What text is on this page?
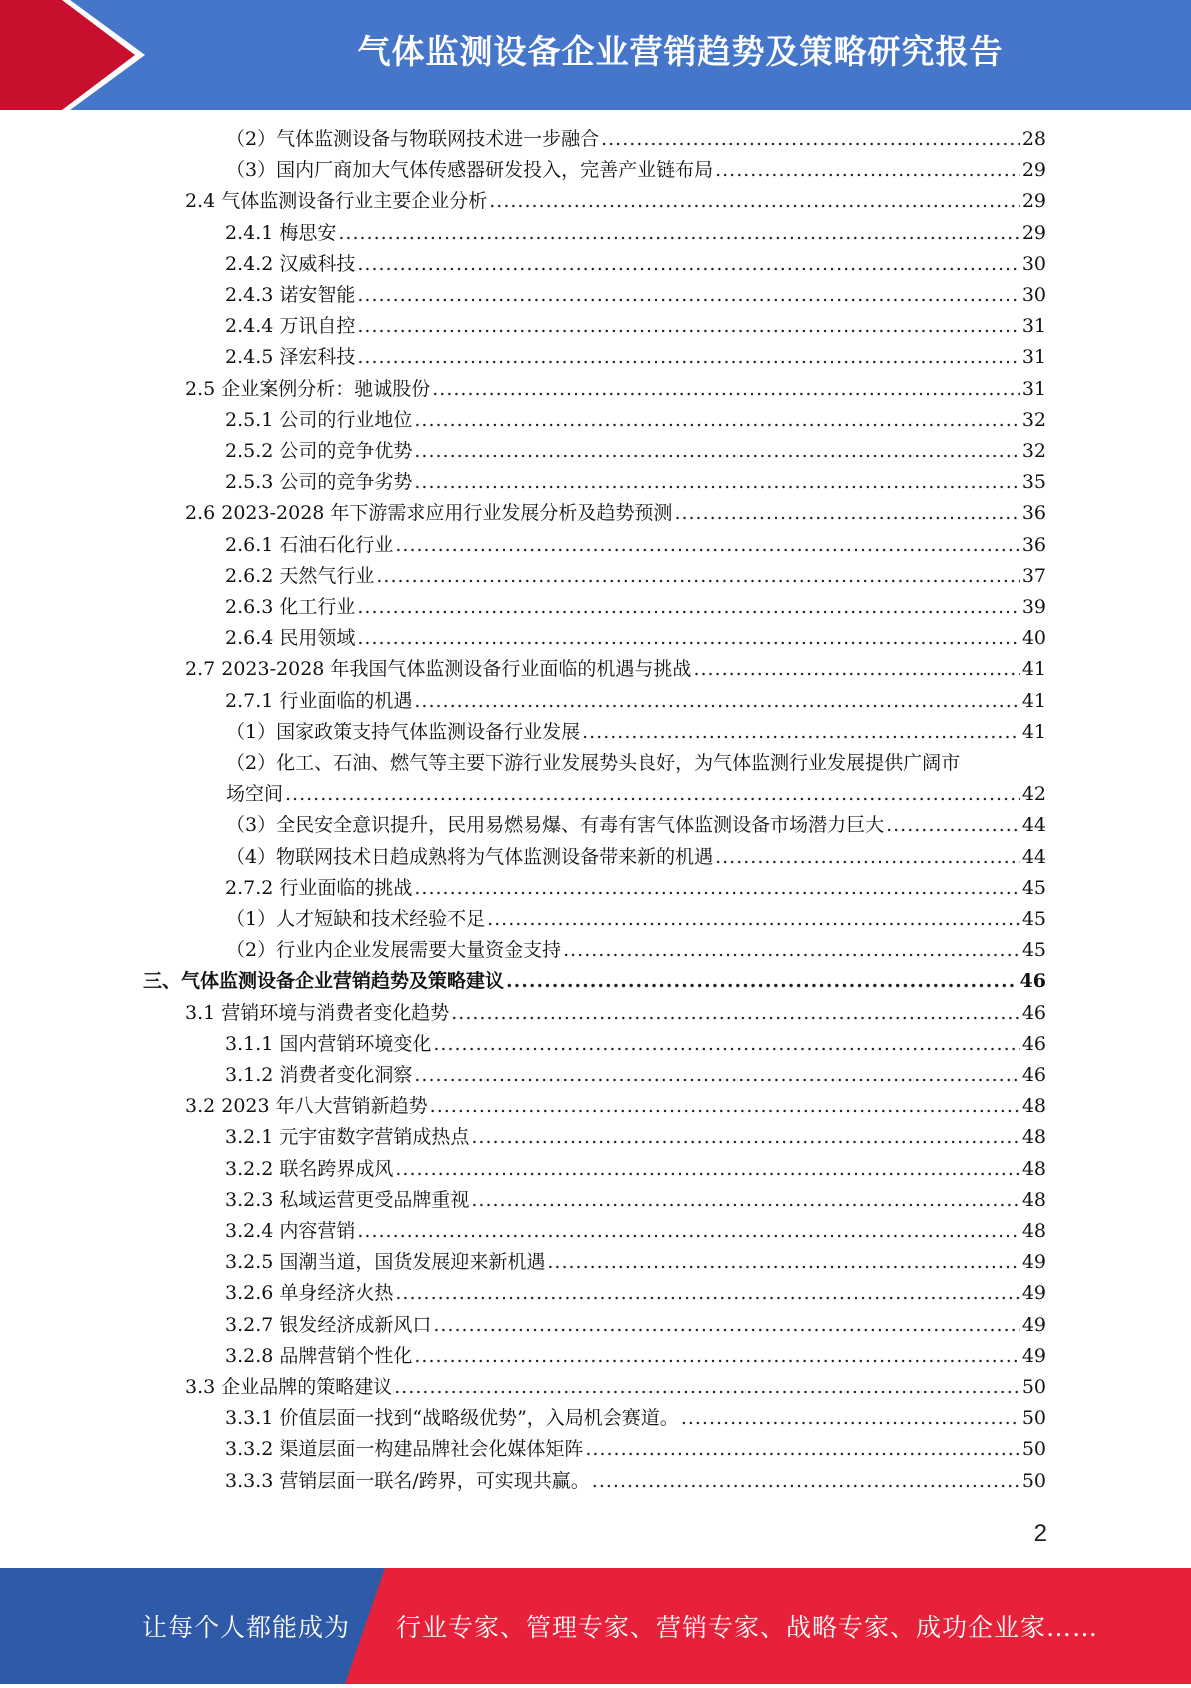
气体监测设备企业营销趋势及策略研究报告
（2）气体监测设备与物联网技术进一步融合 .....	28
（3）国内厂商加大气体传感器研发投入，完善产业链布局 .....	29
2.4 气体监测设备行业主要企业分析 .....	29
2.4.1 梅思安 .....	29
2.4.2 汉威科技 .....	30
2.4.3 诺安智能 .....	30
2.4.4 万讯自控 .....	31
2.4.5 泽宏科技 .....	31
2.5 企业案例分析：驰诚股份 .....	31
2.5.1 公司的行业地位 .....	32
2.5.2 公司的竞争优势 .....	32
2.5.3 公司的竞争劣势 .....	35
2.6 2023-2028 年下游需求应用行业发展分析及趋势预测 .....	36
2.6.1 石油石化行业 .....	36
2.6.2 天然气行业 .....	37
2.6.3 化工行业 .....	39
2.6.4 民用领域 .....	40
2.7 2023-2028 年我国气体监测设备行业面临的机遇与挑战 .....	41
2.7.1 行业面临的机遇 .....	41
（1）国家政策支持气体监测设备行业发展 .....	41
（2）化工、石油、燃气等主要下游行业发展势头良好，为气体监测行业发展提供广阔市
场空间 .....	42
（3）全民安全意识提升，民用易燃易爆、有毒有害气体监测设备市场潜力巨大 .....	44
（4）物联网技术日趋成熟将为气体监测设备带来新的机遇 .....	44
2.7.2 行业面临的挑战 .....	45
（1）人才短缺和技术经验不足 .....	45
（2）行业内企业发展需要大量资金支持 .....	45
三、气体监测设备企业营销趋势及策略建议 .....	46
3.1 营销环境与消费者变化趋势 .....	46
3.1.1 国内营销环境变化 .....	46
3.1.2 消费者变化洞察 .....	46
3.2 2023 年八大营销新趋势 .....	48
3.2.1 元宇宙数字营销成热点 .....	48
3.2.2 联名跨界成风 .....	48
3.2.3 私域运营更受品牌重视 .....	48
3.2.4 内容营销 .....	48
3.2.5 国潮当道，国货发展迎来新机遇 .....	49
3.2.6 单身经济火热 .....	49
3.2.7 银发经济成新风口 .....	49
3.2.8 品牌营销个性化 .....	49
3.3 企业品牌的策略建议 .....	50
3.3.1 价值层面一找到“战略级优势”，入局机会赛道。 .....	50
3.3.2 渠道层面一构建品牌社会化媒体矩阵 .....	50
3.3.3 营销层面一联名/跨界，可实现共赢。 .....	50
2
让每个人都能成为 行业专家、管理专家、营销专家、战略专家、成功企业家……
